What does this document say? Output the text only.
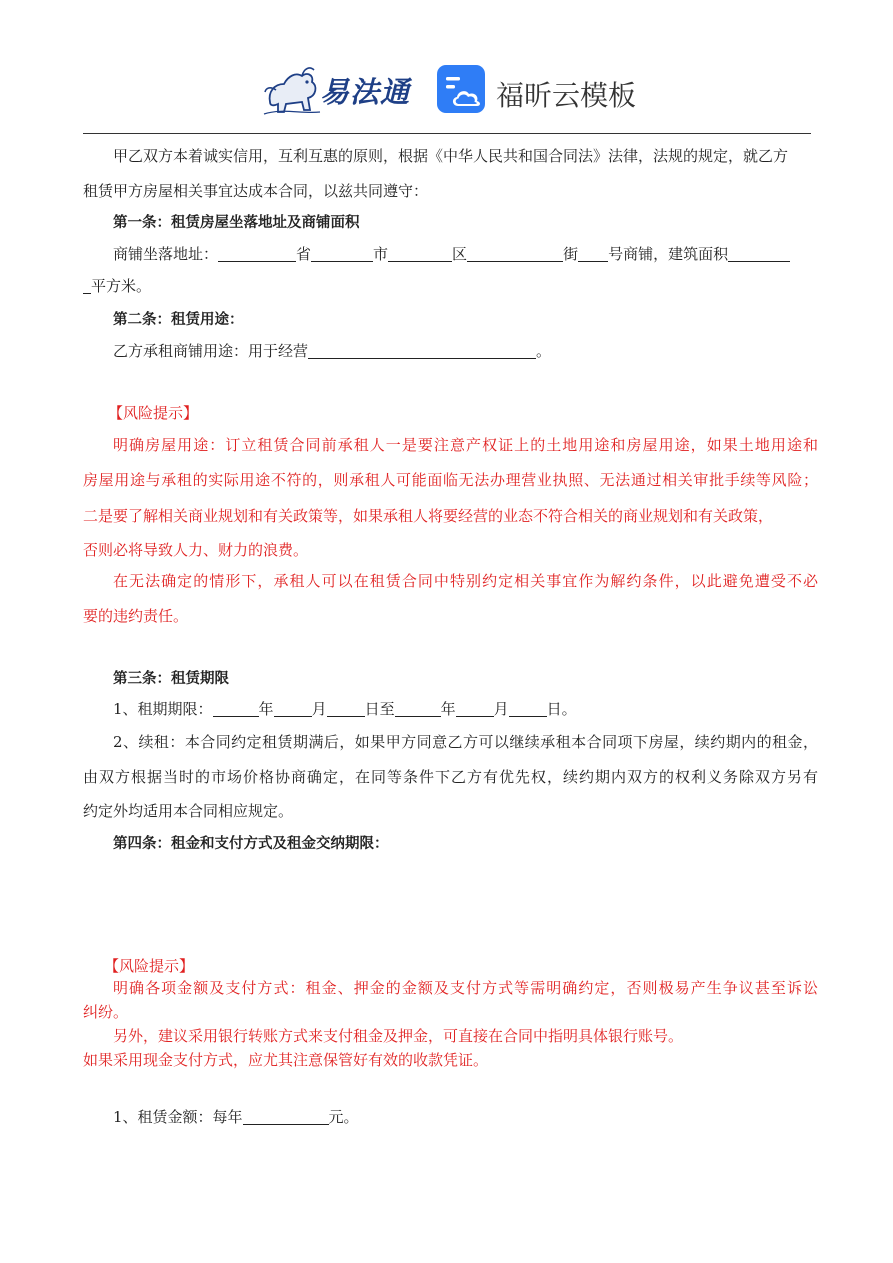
易法通	福昕云模板
甲乙双方本着诚实信用，互利互惠的原则，根据《中华人民共和国合同法》法律，法规的规定，就乙方
租赁甲方房屋相关事宜达成本合同，以兹共同遵守：
第一条：租赁房屋坐落地址及商铺面积
商铺坐落地址：	省	市	区	街 号商铺，建筑面积
平方米。
第二条：租赁用途：
乙方承租商铺用途：用于经营	。
【风险提示】
明确房屋用途：订立租赁合同前承租人一是要注意产权证上的土地用途和房屋用途，如果土地用途和
房屋用途与承租的实际用途不符的，则承租人可能面临无法办理营业执照、无法通过相关审批手续等风险；
二是要了解相关商业规划和有关政策等，如果承租人将要经营的业态不符合相关的商业规划和有关政策，
否则必将导致人力、财力的浪费。
在无法确定的情形下，承租人可以在租赁合同中特别约定相关事宜作为解约条件，以此避免遭受不必
要的违约责任。
第三条：租赁期限
1、租期期限：	年	月	日至	年	月	日。
2、续租：本合同约定租赁期满后，如果甲方同意乙方可以继续承租本合同项下房屋，续约期内的租金，
由双方根据当时的市场价格协商确定，在同等条件下乙方有优先权，续约期内双方的权利义务除双方另有
约定外均适用本合同相应规定。
第四条：租金和支付方式及租金交纳期限：
【风险提示】
明确各项金额及支付方式：租金、押金的金额及支付方式等需明确约定，否则极易产生争议甚至诉讼
纠纷。
另外，建议采用银行转账方式来支付租金及押金，可直接在合同中指明具体银行账号。
如果采用现金支付方式，应尤其注意保管好有效的收款凭证。
1、租赁金额：每年	元。
